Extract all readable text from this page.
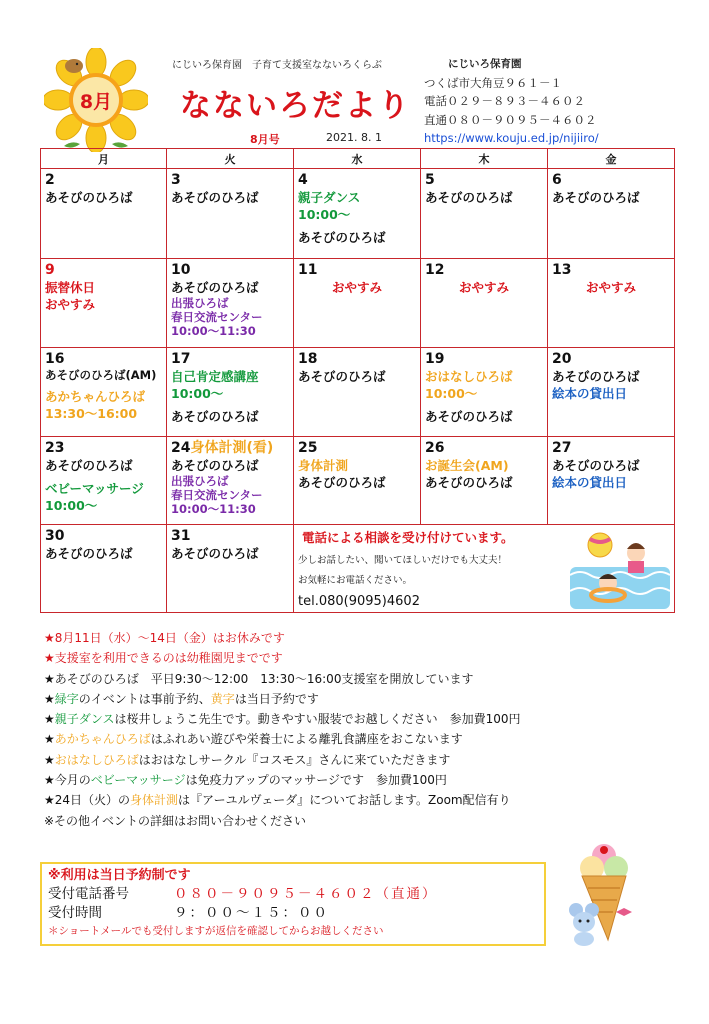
8月
にじいろ保育園　子育て支援室なないろくらぶ
なないろだより
8月号	2021. 8. 1
にじいろ保育園
つくば市大角豆９６１－１
電話０２９－８９３－４６０２
直通０８０－９０９５－４６０２
https://www.kouju.ed.jp/nijiiro/
月	火	水	木	金

2
あそびのひろば	3
あそびのひろば	4
親子ダンス
10:00～
あそびのひろば	5
あそびのひろば	6
あそびのひろば

9
振替休日
おやすみ	10
あそびのひろば
出張ひろば
春日交流センター
10:00～11:30	11
おやすみ	12
おやすみ	13
おやすみ

16
あそびのひろば(AM)
あかちゃんひろば
13:30～16:00	17
自己肯定感講座
10:00～
あそびのひろば	18
あそびのひろば	19
おはなしひろば
10:00～
あそびのひろば	20
あそびのひろば
絵本の貸出日

23
あそびのひろば
ベビーマッサージ
10:00～	24身体計測(看)
あそびのひろば
出張ひろば
春日交流センター
10:00～11:30	25
身体計測
あそびのひろば	26
お誕生会(AM)
あそびのひろば	27
あそびのひろば
絵本の貸出日

30
あそびのひろば	31
あそびのひろば	電話による相談を受け付けています。
少しお話したい、聞いてほしいだけでも大丈夫！
お気軽にお電話ください。
tel.080(9095)4602		
★8月11日（水）～14日（金）はお休みです
★支援室を利用できるのは幼稚園児までです
★あそびのひろば　平日9:30～12:00　13:30～16:00支援室を開放しています
★緑字のイベントは事前予約、黄字は当日予約です
★親子ダンスは桜井しょうこ先生です。動きやすい服装でお越しください　参加費100円
★あかちゃんひろばはふれあい遊びや栄養士による離乳食講座をおこないます
★おはなしひろばはおはなしサークル『コスモス』さんに来ていただきます
★今月のベビーマッサージは免疫力アップのマッサージです　参加費100円
★24日（火）の身体計測は『アーユルヴェーダ』についてお話します。Zoom配信有り
※その他イベントの詳細はお問い合わせください
※利用は当日予約制です
受付電話番号	０８０－９０９５－４６０２（直通）
受付時間	９：００～１５：００
＊ショートメールでも受付しますが返信を確認してからお越しください
